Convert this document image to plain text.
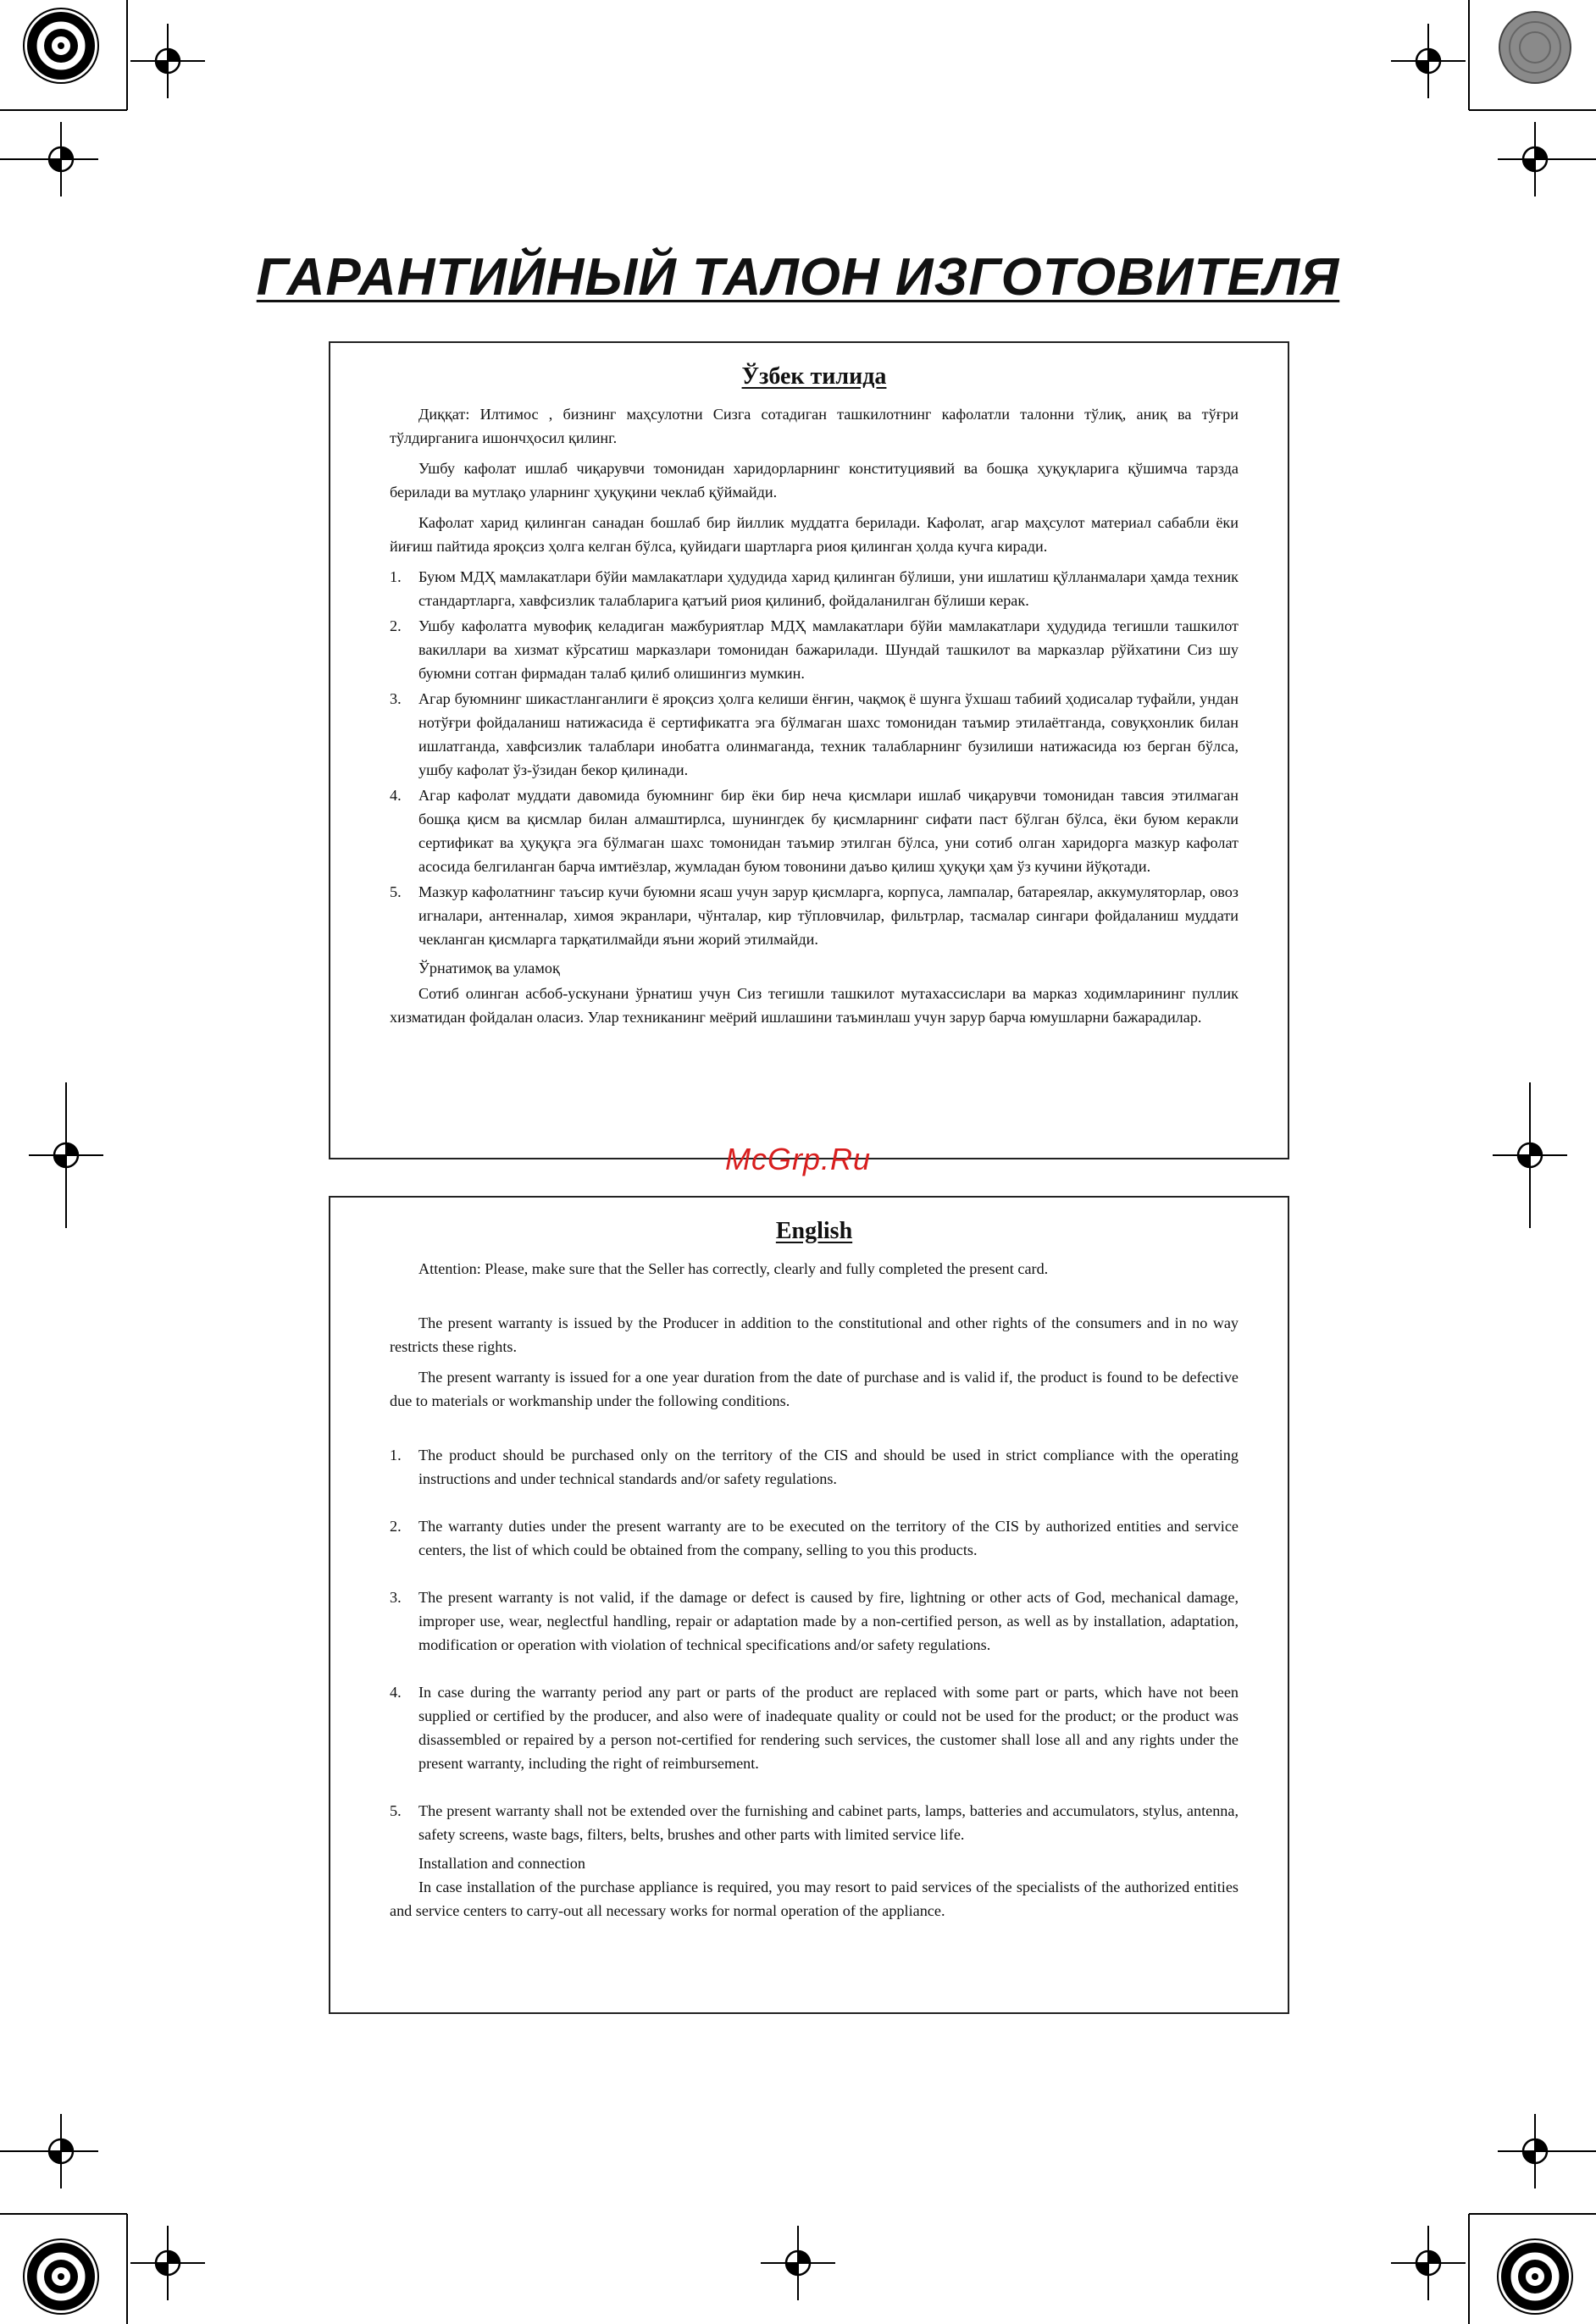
ГАРАНТИЙНЫЙ ТАЛОН ИЗГОТОВИТЕЛЯ
Ўзбек тилида

Диққат: Илтимос , бизнинг маҳсулотни Сизга сотадиган ташкилотнинг кафолатли талонни тўлиқ, аниқ ва тўғри тўлдирганига ишончҳосил қилинг.

Ушбу кафолат ишлаб чиқарувчи томонидан харидорларнинг конституциявий ва бошқа ҳуқуқларига қўшимча тарзда берилади ва мутлақо уларнинг ҳуқуқини чеклаб қўймайди.

Кафолат харид қилинган санадан бошлаб бир йиллик муддатга берилади. Кафолат, агар маҳсулот материал сабабли ёки йиғиш пайтида яроқсиз ҳолга келган бўлса, қуйидаги шартларга риоя қилинган ҳолда кучга киради.

1.	Буюм МДҲ мамлакатлари бўйи мамлакатлари ҳудудида харид қилинган бўлиши, уни ишлатиш қўлланмалари ҳамда техник стандартларга, хавфсизлик талабларига қатъий риоя қилиниб, фойдаланилган бўлиши керак.
2.	Ушбу кафолатга мувофиқ келадиган мажбуриятлар МДҲ мамлакатлари бўйи мамлакатлари ҳудудида тегишли ташкилот вакиллари ва хизмат кўрсатиш марказлари томонидан бажарилади. Шундай ташкилот ва марказлар рўйхатини Сиз шу буюмни сотган фирмадан талаб қилиб олишингиз мумкин.
3.	Агар буюмнинг шикастланганлиги ё яроқсиз ҳолга келиши ёнғин, чақмоқ ё шунга ўхшаш табиий ҳодисалар туфайли, ундан нотўғри фойдаланиш натижасида ё сертификатга эга бўлмаган шахс томонидан таъмир этилаётганда, совуқхонлик билан ишлатганда, хавфсизлик талаблари инобатга олинмаганда, техник талабларнинг бузилиши натижасида юз берган бўлса, ушбу кафолат ўз-ўзидан бекор қилинади.
4.	Агар кафолат муддати давомида буюмнинг бир ёки бир неча қисмлари ишлаб чиқарувчи томонидан тавсия этилмаган бошқа қисм ва қисмлар билан алмаштирлса, шунингдек бу қисмларнинг сифати паст бўлган бўлса, ёки буюм керакли сертификат ва ҳуқуқга эга бўлмаган шахс томонидан таъмир этилган бўлса, уни сотиб олган харидорга мазкур кафолат асосида белгиланган барча имтиёзлар, жумладан буюм товонини даъво қилиш ҳуқуқи ҳам ўз кучини йўқотади.
5.	Мазкур кафолатнинг таъсир кучи буюмни ясаш учун зарур қисмларга, корпуса, лампалар, батареялар, аккумуляторлар, овоз игналари, антенналар, химоя экранлари, чўнталар, кир тўпловчилар, фильтрлар, тасмалар сингари фойдаланиш муддати чекланган қисмларга тарқатилмайди яъни жорий этилмайди.
Ўрнатимоқ ва уламоқ

Сотиб олинган асбоб-ускунани ўрнатиш учун Сиз тегишли ташкилот мутахассислари ва марказ ходимларининг пуллик хизматидан фойдалан оласиз. Улар техниканинг меёрий ишлашини таъминлаш учун зарур барча юмушларни бажарадилар.

McGrp.Ru
English

Attention: Please, make sure that the Seller has correctly, clearly and fully completed the present card.

The present warranty is issued by the Producer in addition to the constitutional and other rights of the consumers and in no way restricts these rights.

The present warranty is issued for a one year duration from the date of purchase and is valid if, the product is found to be defective due to materials or workmanship under the following conditions.

1.	The product should be purchased only on the territory of the CIS and should be used in strict compliance with the operating instructions and under technical standards and/or safety regulations.
2.	The warranty duties under the present warranty are to be executed on the territory of the CIS by authorized entities and service centers, the list of which could be obtained from the company, selling to you this products.
3.	The present warranty is not valid, if the damage or defect is caused by fire, lightning or other acts of God, mechanical damage, improper use, wear, neglectful handling, repair or adaptation made by a non-certified person, as well as by installation, adaptation, modification or operation with violation of technical specifications and/or safety regulations.
4.	In case during the warranty period any part or parts of the product are replaced with some part or parts, which have not been supplied or certified by the producer, and also were of inadequate quality or could not be used for the product; or the product was disassembled or repaired by a person not-certified for rendering such services, the customer shall lose all and any rights under the present warranty, including the right of reimbursement.
5.	The present warranty shall not be extended over the furnishing and cabinet parts, lamps, batteries and accumulators, stylus, antenna, safety screens, waste bags, filters, belts, brushes and other parts with limited service life.
Installation and connection

In case installation of the purchase appliance is required, you may resort to paid services of the specialists of the authorized entities and service centers to carry-out all necessary works for normal operation of the appliance.
